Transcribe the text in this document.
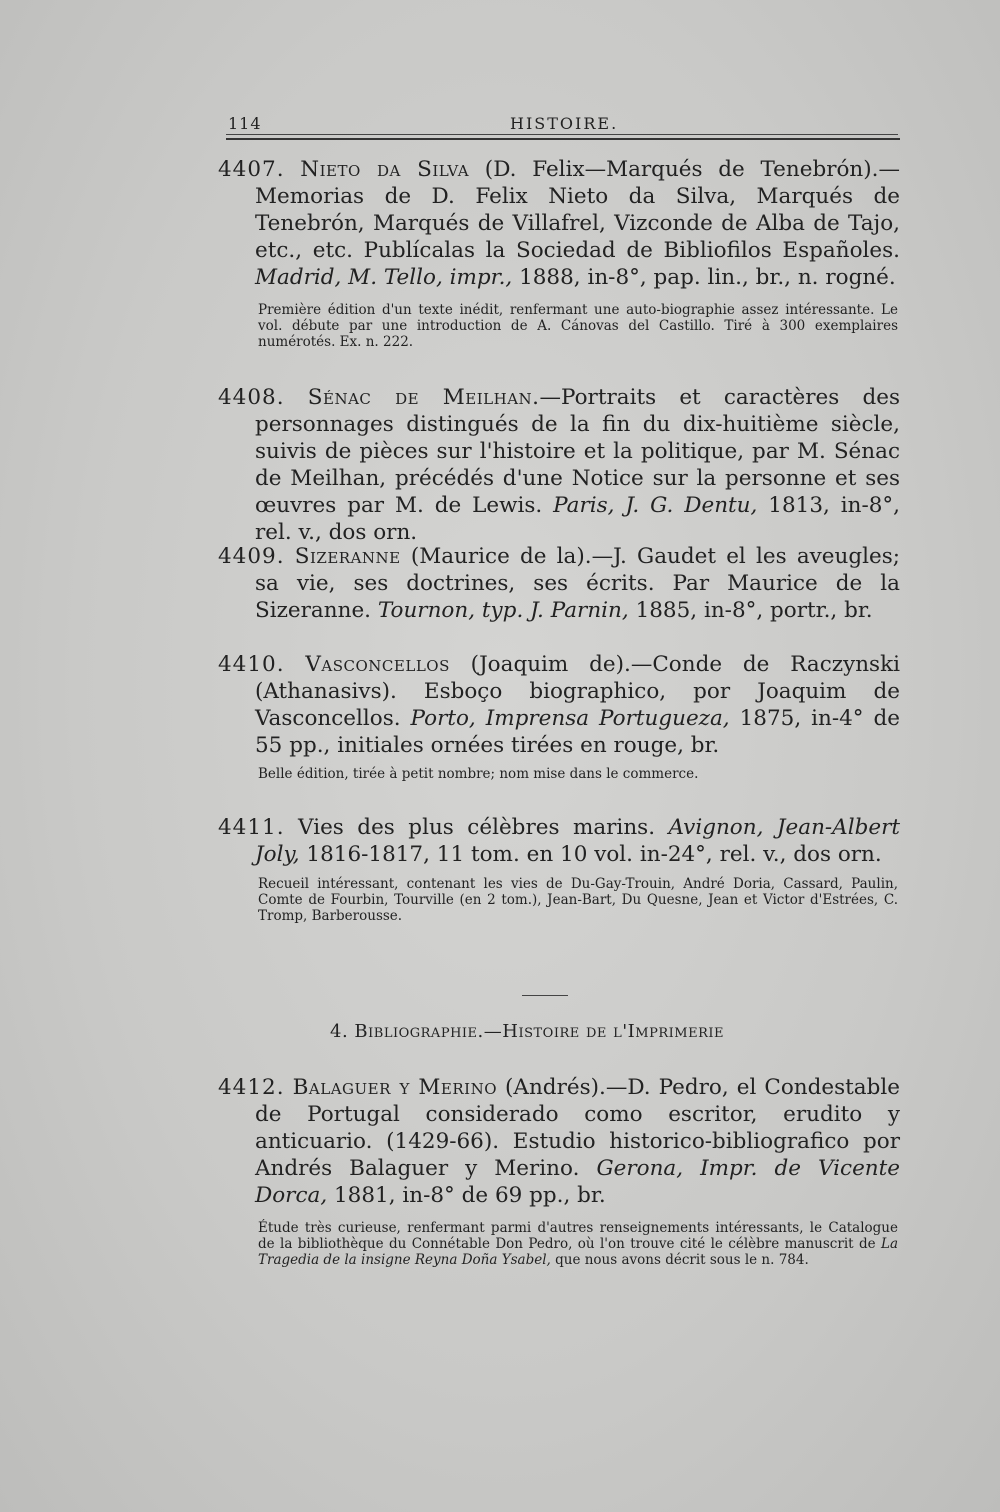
114	HISTOIRE.
4407. Nieto da Silva (D. Felix—Marqués de Tenebrón).—Memorias de D. Felix Nieto da Silva, Marqués de Tenebrón, Marqués de Villafrel, Vizconde de Alba de Tajo, etc., etc. Publícalas la Sociedad de Bibliofilos Españoles. Madrid, M. Tello, impr., 1888, in-8°, pap. lin., br., n. rogné.
Première édition d'un texte inédit, renfermant une auto-biographie assez intéressante. Le vol. débute par une introduction de A. Cánovas del Castillo. Tiré à 300 exemplaires numérotés. Ex. n. 222.
4408. Sénac de Meilhan.—Portraits et caractères des personnages distingués de la fin du dix-huitième siècle, suivis de pièces sur l'histoire et la politique, par M. Sénac de Meilhan, précédés d'une Notice sur la personne et ses œuvres par M. de Lewis. Paris, J. G. Dentu, 1813, in-8°, rel. v., dos orn.
4409. Sizeranne (Maurice de la).—J. Gaudet el les aveugles; sa vie, ses doctrines, ses écrits. Par Maurice de la Sizeranne. Tournon, typ. J. Parnin, 1885, in-8°, portr., br.
4410. Vasconcellos (Joaquim de).—Conde de Raczynski (Athanasivs). Esboço biographico, por Joaquim de Vasconcellos. Porto, Imprensa Portugueza, 1875, in-4° de 55 pp., initiales ornées tirées en rouge, br.
Belle édition, tirée à petit nombre; nom mise dans le commerce.
4411. Vies des plus célèbres marins. Avignon, Jean-Albert Joly, 1816-1817, 11 tom. en 10 vol. in-24°, rel. v., dos orn.
Recueil intéressant, contenant les vies de Du-Gay-Trouin, André Doria, Cassard, Paulin, Comte de Fourbin, Tourville (en 2 tom.), Jean-Bart, Du Quesne, Jean et Victor d'Estrées, C. Tromp, Barberousse.
4. Bibliographie.—Histoire de l'Imprimerie
4412. Balaguer y Merino (Andrés).—D. Pedro, el Condestable de Portugal considerado como escritor, erudito y anticuario. (1429-66). Estudio historico-bibliografico por Andrés Balaguer y Merino. Gerona, Impr. de Vicente Dorca, 1881, in-8° de 69 pp., br.
Étude très curieuse, renfermant parmi d'autres renseignements intéressants, le Catalogue de la bibliothèque du Connétable Don Pedro, où l'on trouve cité le célèbre manuscrit de La Tragedia de la insigne Reyna Doña Ysabel, que nous avons décrit sous le n. 784.
